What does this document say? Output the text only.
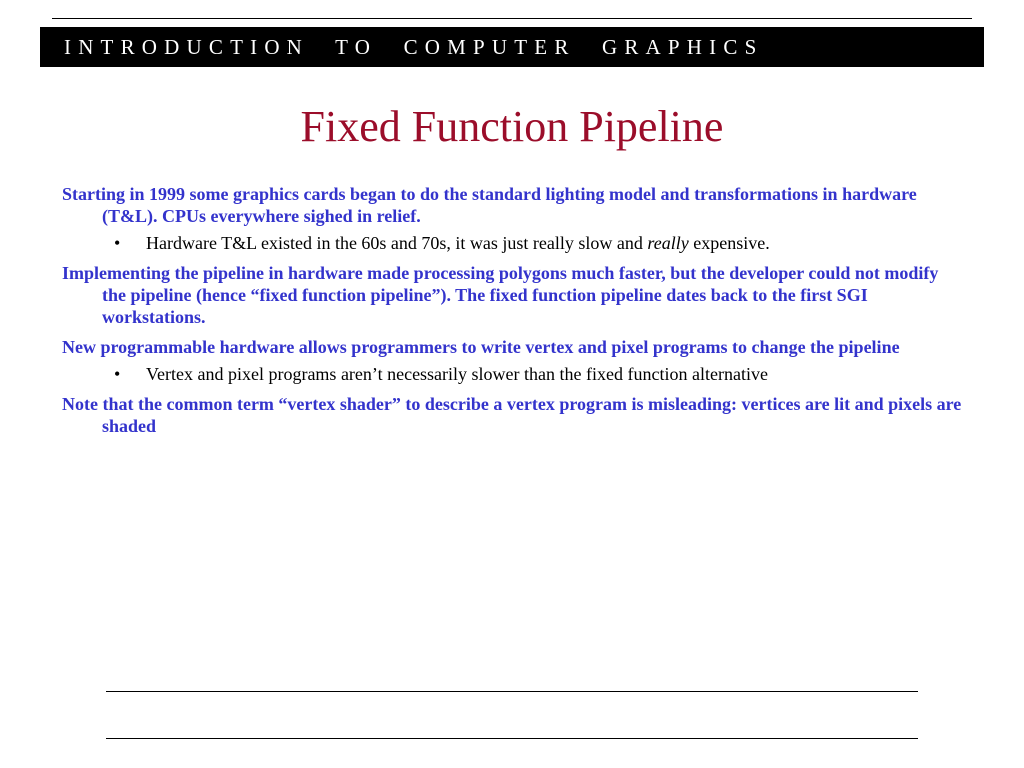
INTRODUCTION TO COMPUTER GRAPHICS
Fixed Function Pipeline

Starting in 1999 some graphics cards began to do the standard lighting model and transformations in hardware (T&L). CPUs everywhere sighed in relief.

• Hardware T&L existed in the 60s and 70s, it was just really slow and really expensive.

Implementing the pipeline in hardware made processing polygons much faster, but the developer could not modify the pipeline (hence “fixed function pipeline”). The fixed function pipeline dates back to the first SGI workstations.

New programmable hardware allows programmers to write vertex and pixel programs to change the pipeline

• Vertex and pixel programs aren’t necessarily slower than the fixed function alternative

Note that the common term “vertex shader” to describe a vertex program is misleading: vertices are lit and pixels are shaded
